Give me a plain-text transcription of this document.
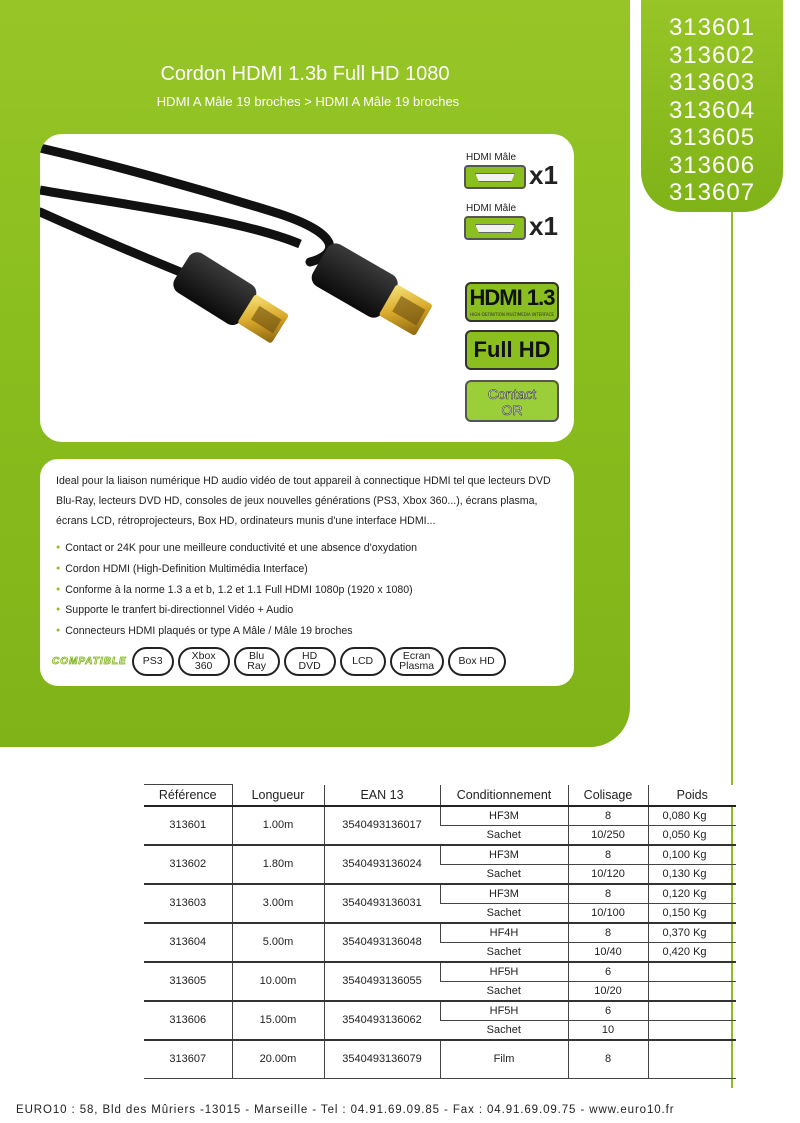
313601
313602
313603
313604
313605
313606
313607
Cordon HDMI 1.3b Full HD 1080
HDMI A Mâle 19 broches > HDMI A Mâle 19 broches
HDMI Mâle
x1
HDMI Mâle
x1
HDMI 1.3
HIGH-DEFINITION MULTIMEDIA INTERFACE
Full HD
Contact
OR

Ideal pour la liaison numérique HD audio vidéo de tout appareil à connectique HDMI tel que lecteurs DVD Blu-Ray, lecteurs DVD HD, consoles de jeux nouvelles générations (PS3, Xbox 360...), écrans plasma, écrans LCD, rétroprojecteurs, Box HD, ordinateurs munis d'une interface HDMI...

● Contact or 24K pour une meilleure conductivité et une absence d'oxydation
● Cordon HDMI (High-Definition Multimédia Interface)
● Conforme à la norme 1.3 a et b, 1.2 et 1.1 Full HDMI 1080p (1920 x 1080)
● Supporte le tranfert bi-directionnel Vidéo + Audio
● Connecteurs HDMI plaqués or type A Mâle / Mâle 19 broches
COMPATIBLE	PS3	Xbox
360
Blu
Ray
HD
DVD	LCD	Ecran
Plasma	Box HD
Référence	Longueur	EAN 13	Conditionnement	Colisage	Poids
313601	1.00m	3540493136017	HF3M	8	0,080 Kg
			Sachet	10/250	0,050 Kg
313602	1.80m	3540493136024	HF3M	8	0,100 Kg
			Sachet	10/120	0,130 Kg
313603	3.00m	3540493136031	HF3M	8	0,120 Kg
			Sachet	10/100	0,150 Kg
313604	5.00m	3540493136048	HF4H	8	0,370 Kg
			Sachet	10/40	0,420 Kg
313605	10.00m	3540493136055	HF5H	6	
			Sachet	10/20	
313606	15.00m	3540493136062	HF5H	6	
			Sachet	10	
313607	20.00m	3540493136079	Film	8	
EURO10 : 58, Bld des Mûriers -13015 - Marseille - Tel : 04.91.69.09.85 - Fax : 04.91.69.09.75 - www.euro10.fr
